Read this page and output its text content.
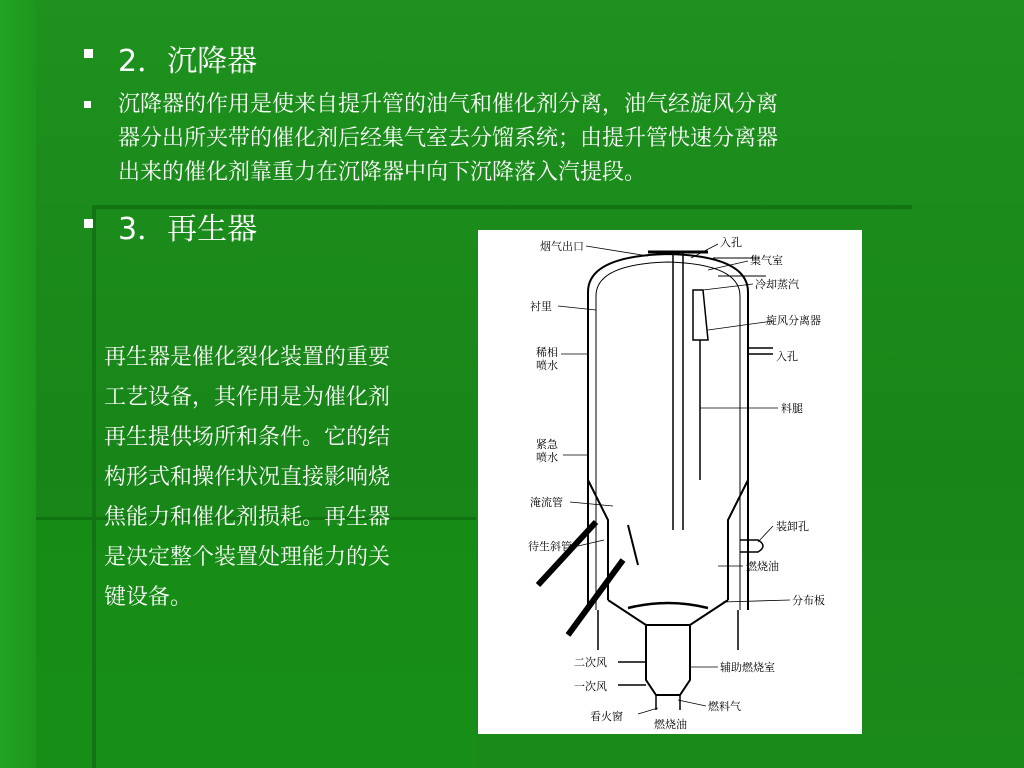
2．沉降器
沉降器的作用是使来自提升管的油气和催化剂分离，油气经旋风分离
器分出所夹带的催化剂后经集气室去分馏系统；由提升管快速分离器
出来的催化剂靠重力在沉降器中向下沉降落入汽提段。
3．再生器
再生器是催化裂化装置的重要
工艺设备，其作用是为催化剂
再生提供场所和条件。它的结
构形式和操作状况直接影响烧
焦能力和催化剂损耗。再生器
是决定整个装置处理能力的关
键设备。
烟气出口	入孔
集气室
冷却蒸汽
衬里
旋风分离器
稀相喷水
入孔
料腿
紧急喷水
淹流管
待生斜管
装卸孔
燃烧油
分布板
二次风	辅助燃烧室
一次风
燃料气
看火窗
燃烧油
